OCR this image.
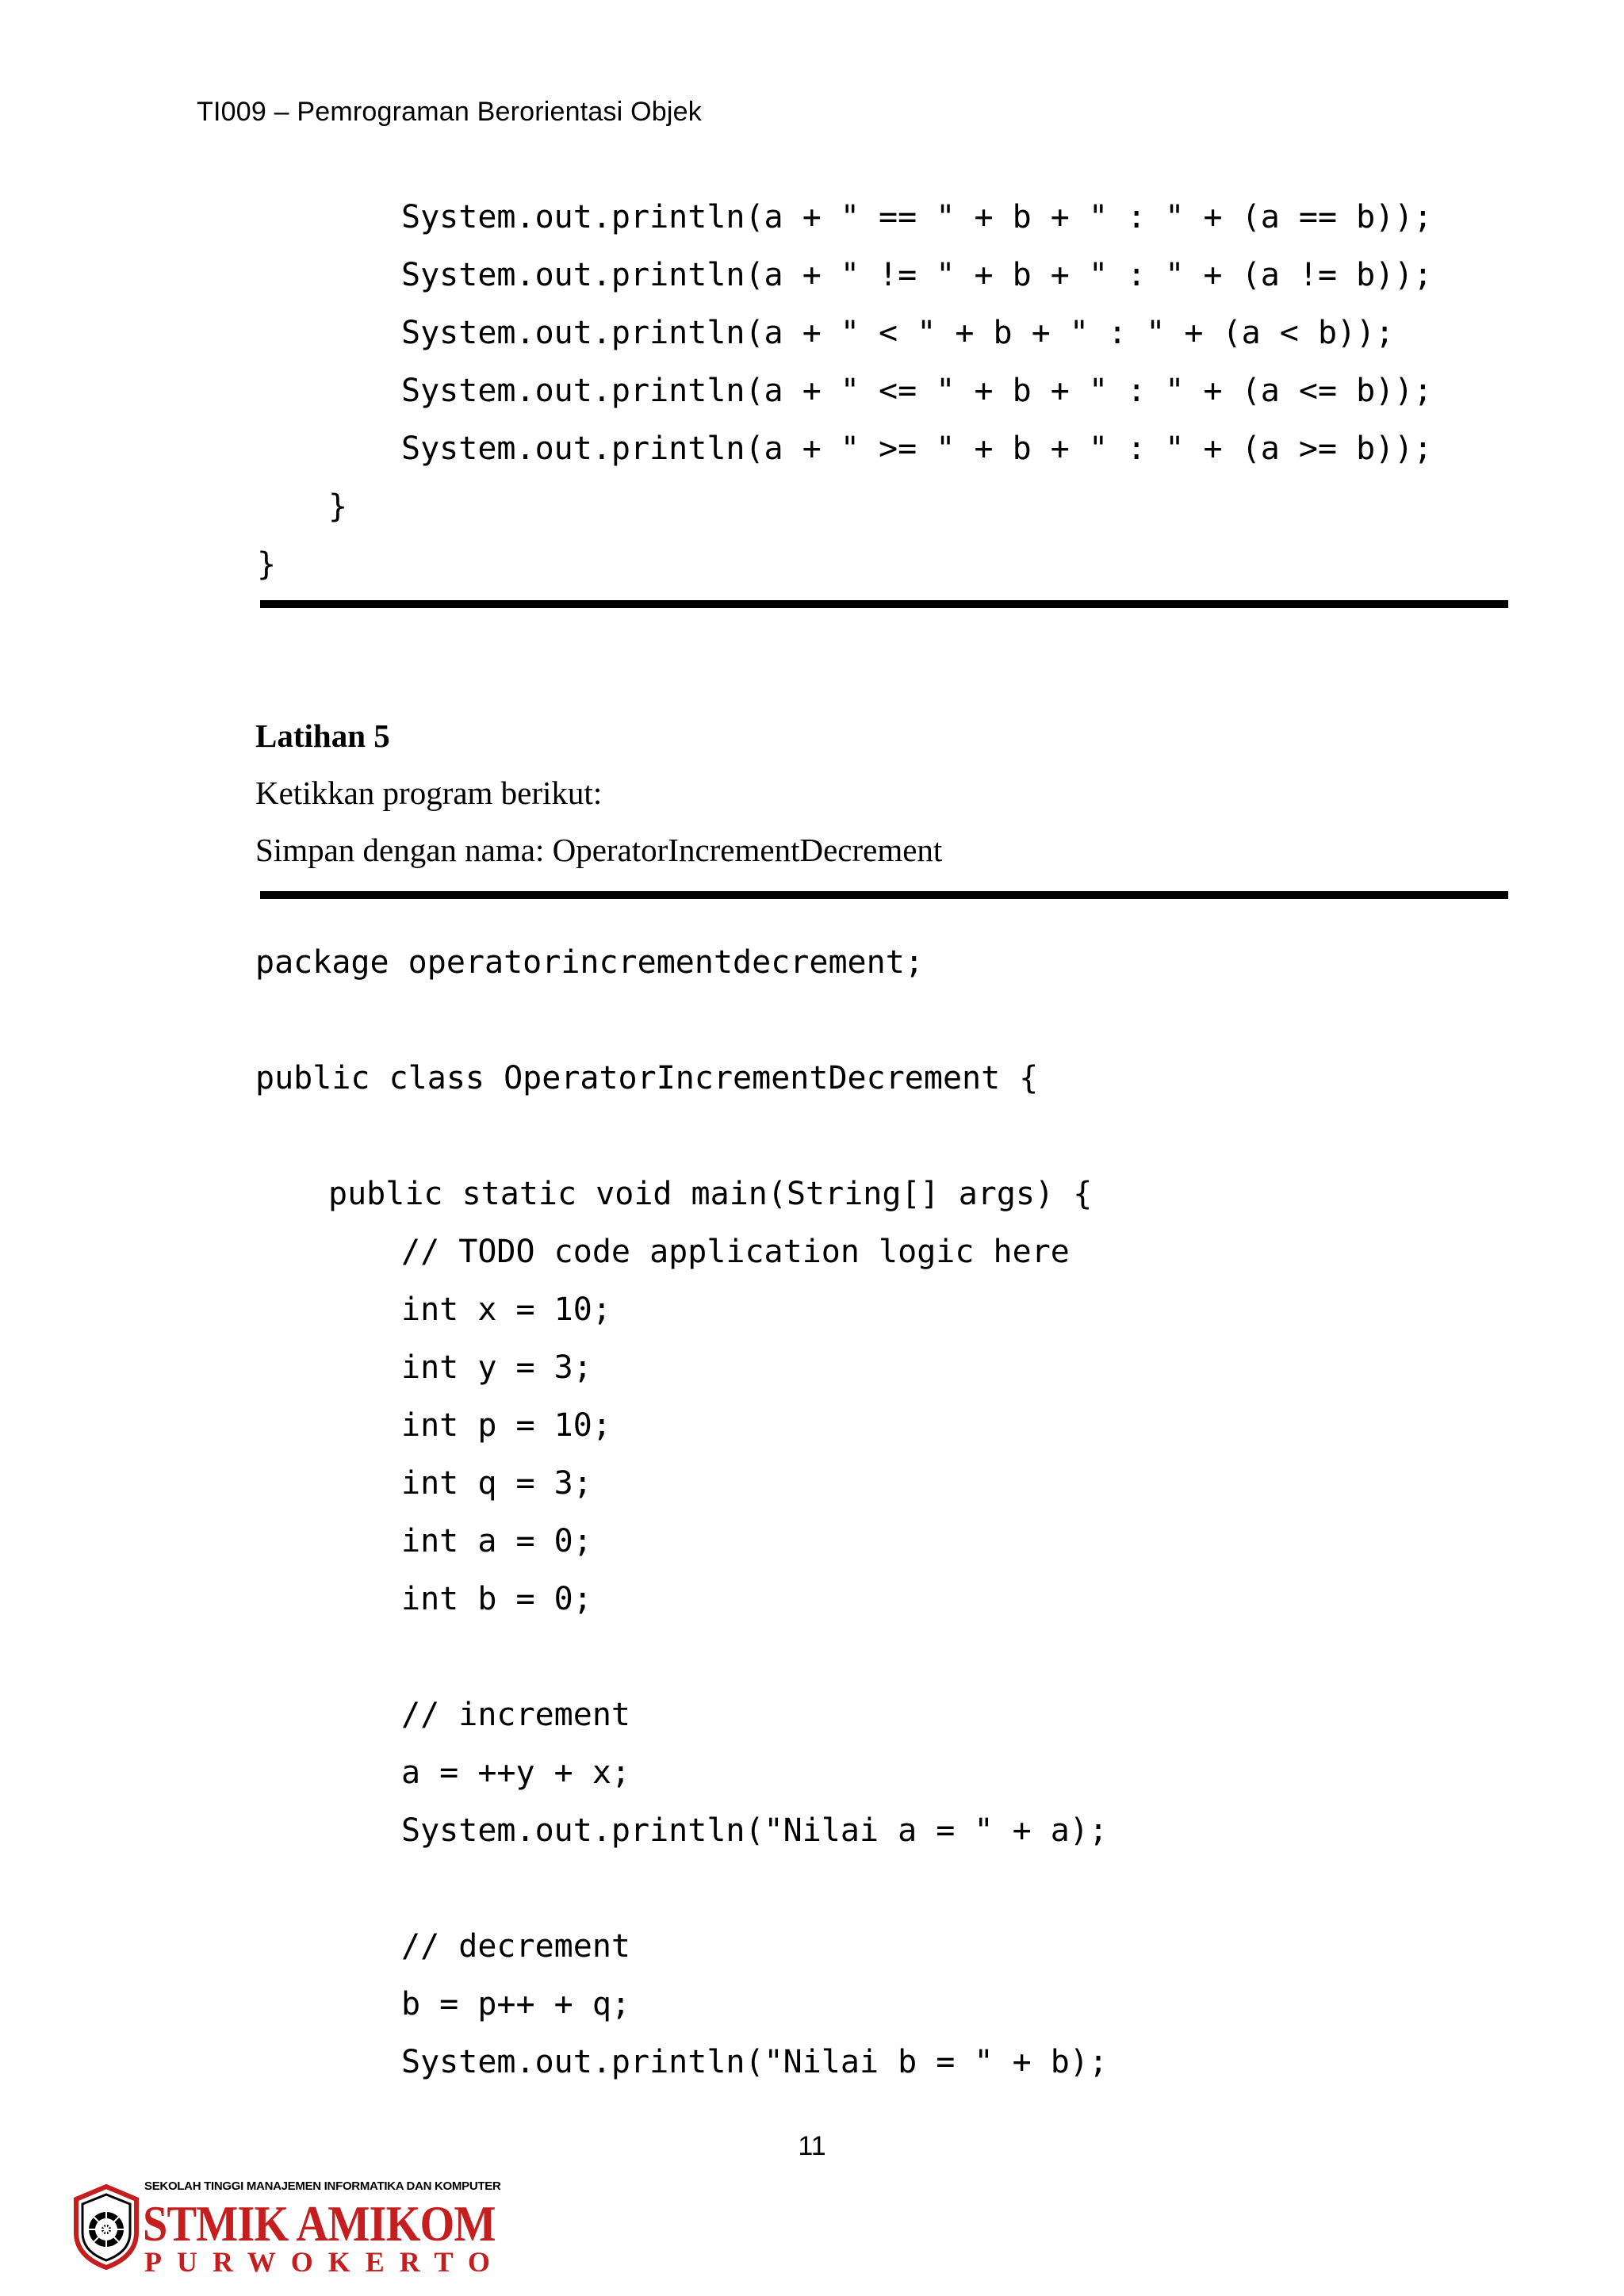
TI009 – Pemrograman Berorientasi Objek
System.out.println(a + " == " + b + " : " + (a == b));
System.out.println(a + " != " + b + " : " + (a != b));
System.out.println(a + " < " + b + " : " + (a < b));
System.out.println(a + " <= " + b + " : " + (a <= b));
System.out.println(a + " >= " + b + " : " + (a >= b));
}
}
Latihan 5
Ketikkan program berikut:
Simpan dengan nama: OperatorIncrementDecrement
package operatorincrementdecrement;
public class OperatorIncrementDecrement {
public static void main(String[] args) {
// TODO code application logic here
int x = 10;
int y = 3;
int p = 10;
int q = 3;
int a = 0;
int b = 0;
// increment
a = ++y + x;
System.out.println("Nilai a = " + a);
// decrement
b = p++ + q;
System.out.println("Nilai b = " + b);
11
SEKOLAH TINGGI MANAJEMEN INFORMATIKA DAN KOMPUTER
STMIK AMIKOM
PURWOKERTO
